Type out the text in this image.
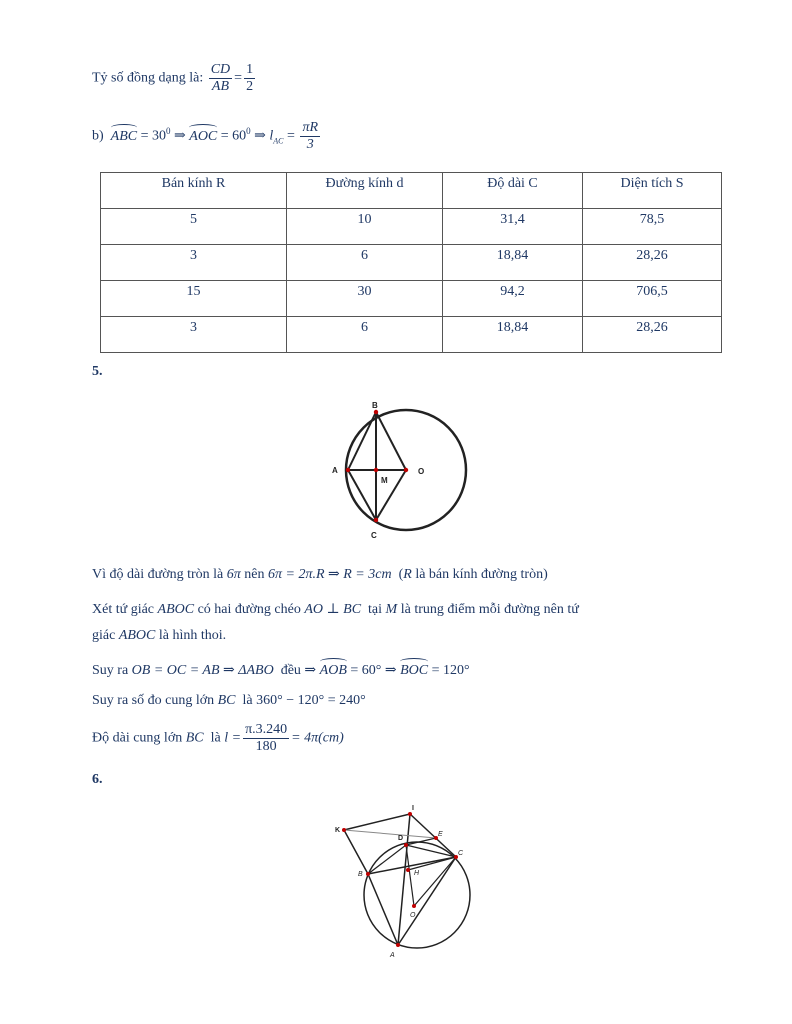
Tỷ số đồng dạng là: $\frac{CD}{AB} = \frac{1}{2}$
b) ABC = $30^0$ ⇒ AOC = $60^0$ ⇒ $l_{AC} = \frac{\pi R}{3}$
Bán kính R	Đường kính d	Độ dài C	Diện tích S
5	10	31,4	78,5
3	6	18,84	28,26
15	30	94,2	706,5
3	6	18,84	28,26
5.
B
A
M
O
C
Vì độ dài đường tròn là 6π nên 6π = 2π.R ⇒ R = 3cm (R là bán kính đường tròn)
Xét tứ giác ABOC có hai đường chéo AO ⊥ BC tại M là trung điểm mỗi đường nên tứ
giác ABOC là hình thoi.
Suy ra OB = OC = AB ⇒ ΔABO đều ⇒ AOB = 60° ⇒ BOC = 120°
Suy ra số đo cung lớn BC là 360° − 120° = 240°
Độ dài cung lớn BC là $l = \frac{\pi.3.240}{180} = 4\pi(cm)$
6.
I
K
D
E
C
B	H
O
A
